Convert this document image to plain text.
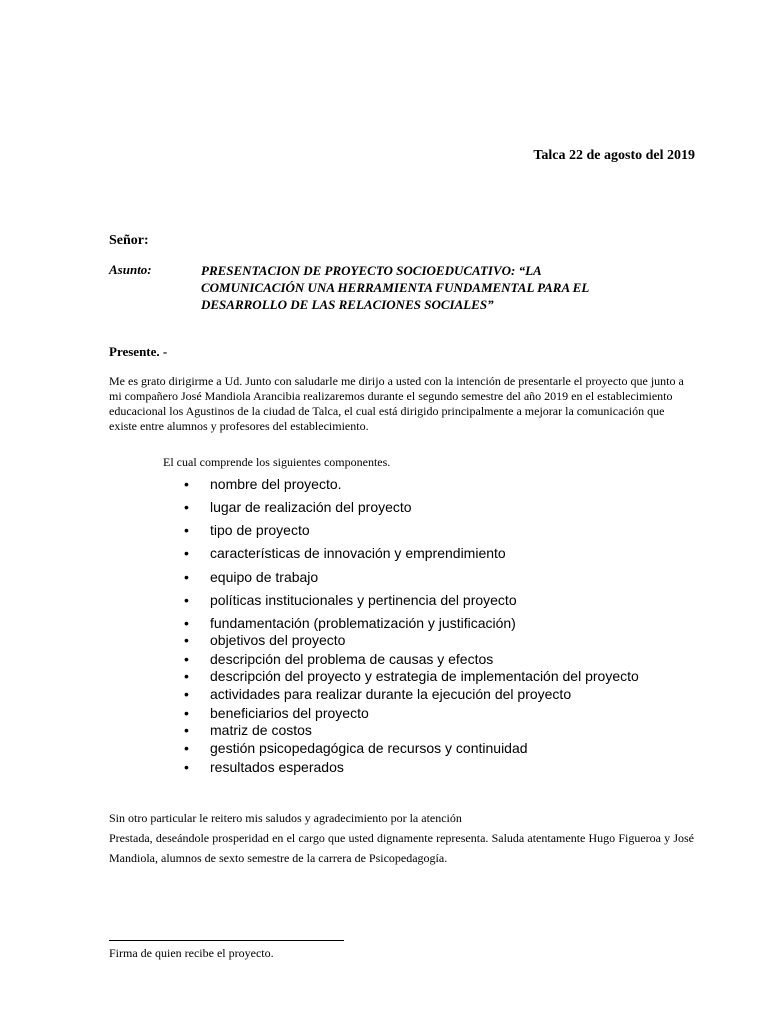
Talca 22 de agosto del 2019
Señor:
Asunto:	PRESENTACION DE PROYECTO SOCIOEDUCATIVO: “LA COMUNICACIÓN UNA HERRAMIENTA FUNDAMENTAL PARA EL DESARROLLO DE LAS RELACIONES SOCIALES”
Presente. -
Me es grato dirigirme a Ud. Junto con saludarle me dirijo a usted con la intención de presentarle el proyecto que junto a mi compañero José Mandiola Arancibia realizaremos durante el segundo semestre del año 2019 en el establecimiento educacional los Agustinos de la ciudad de Talca, el cual está dirigido principalmente a mejorar la comunicación que existe entre alumnos y profesores del establecimiento.
El cual comprende los siguientes componentes.
• nombre del proyecto.
• lugar de realización del proyecto
• tipo de proyecto
• características de innovación y emprendimiento
• equipo de trabajo
• políticas institucionales y pertinencia del proyecto
• fundamentación (problematización y justificación)
• objetivos del proyecto
• descripción del problema de causas y efectos
• descripción del proyecto y estrategia de implementación del proyecto
• actividades para realizar durante la ejecución del proyecto
• beneficiarios del proyecto
• matriz de costos
• gestión psicopedagógica de recursos y continuidad
• resultados esperados

Sin otro particular le reitero mis saludos y agradecimiento por la atención

Prestada, deseándole prosperidad en el cargo que usted dignamente representa. Saluda atentamente Hugo Figueroa y José Mandiola, alumnos de sexto semestre de la carrera de Psicopedagogía.

Firma de quien recibe el proyecto.
